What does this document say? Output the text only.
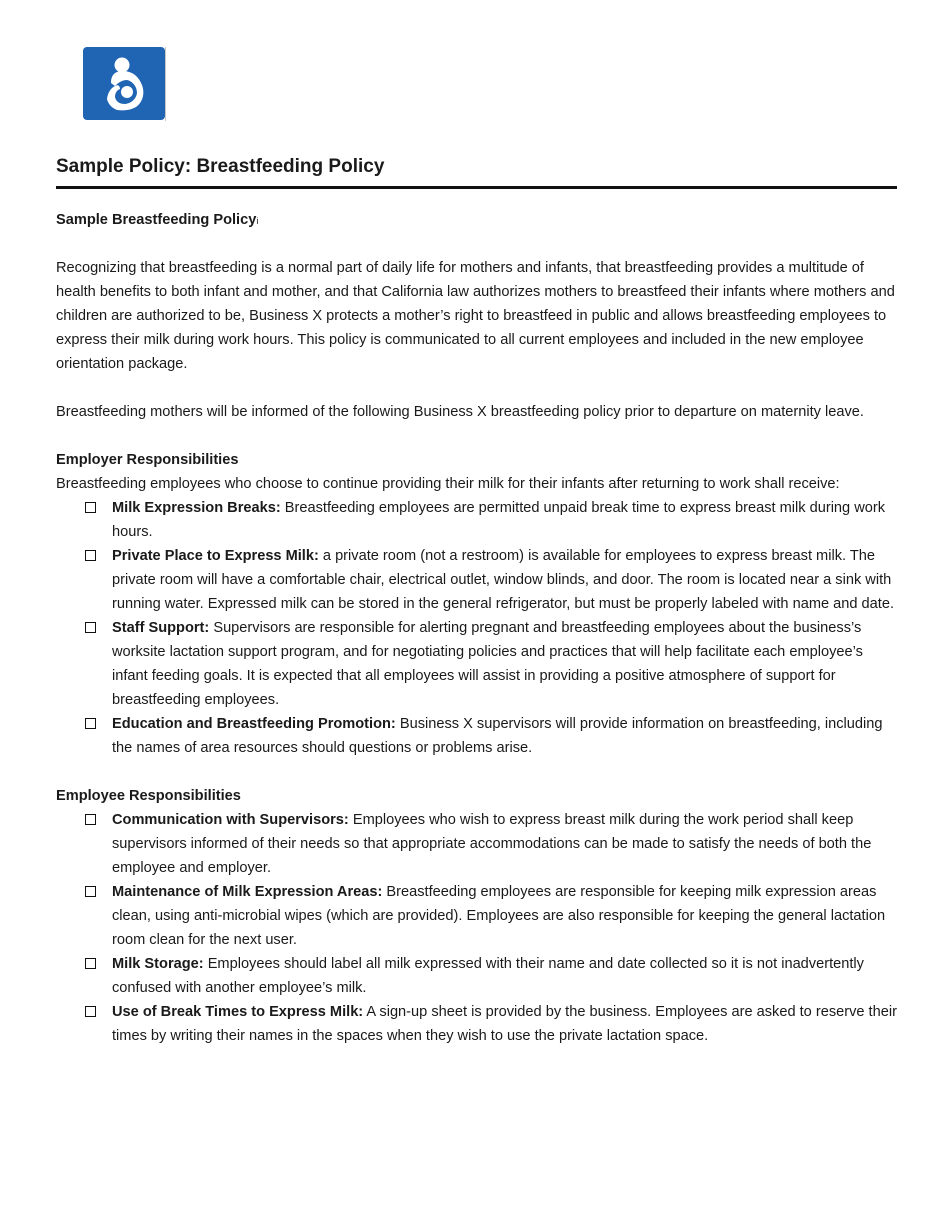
Sample Policy: Breastfeeding Policy

Sample Breastfeeding Policy$^i$

Recognizing that breastfeeding is a normal part of daily life for mothers and infants, that breastfeeding provides a multitude of health benefits to both infant and mother, and that California law authorizes mothers to breastfeed their infants where mothers and children are authorized to be, Business X protects a mother’s right to breastfeed in public and allows breastfeeding employees to express their milk during work hours. This policy is communicated to all current employees and included in the new employee orientation package.

Breastfeeding mothers will be informed of the following Business X breastfeeding policy prior to departure on maternity leave.

Employer Responsibilities

Breastfeeding employees who choose to continue providing their milk for their infants after returning to work shall receive:

Milk Expression Breaks: Breastfeeding employees are permitted unpaid break time to express breast milk during work hours.
Private Place to Express Milk: a private room (not a restroom) is available for employees to express breast milk. The private room will have a comfortable chair, electrical outlet, window blinds, and door. The room is located near a sink with running water. Expressed milk can be stored in the general refrigerator, but must be properly labeled with name and date.
Staff Support: Supervisors are responsible for alerting pregnant and breastfeeding employees about the business’s worksite lactation support program, and for negotiating policies and practices that will help facilitate each employee’s infant feeding goals. It is expected that all employees will assist in providing a positive atmosphere of support for breastfeeding employees.
Education and Breastfeeding Promotion: Business X supervisors will provide information on breastfeeding, including the names of area resources should questions or problems arise.

Employee Responsibilities

Communication with Supervisors: Employees who wish to express breast milk during the work period shall keep supervisors informed of their needs so that appropriate accommodations can be made to satisfy the needs of both the employee and employer.
Maintenance of Milk Expression Areas: Breastfeeding employees are responsible for keeping milk expression areas clean, using anti-microbial wipes (which are provided). Employees are also responsible for keeping the general lactation room clean for the next user.
Milk Storage: Employees should label all milk expressed with their name and date collected so it is not inadvertently confused with another employee’s milk.
Use of Break Times to Express Milk: A sign-up sheet is provided by the business. Employees are asked to reserve their times by writing their names in the spaces when they wish to use the private lactation space.
